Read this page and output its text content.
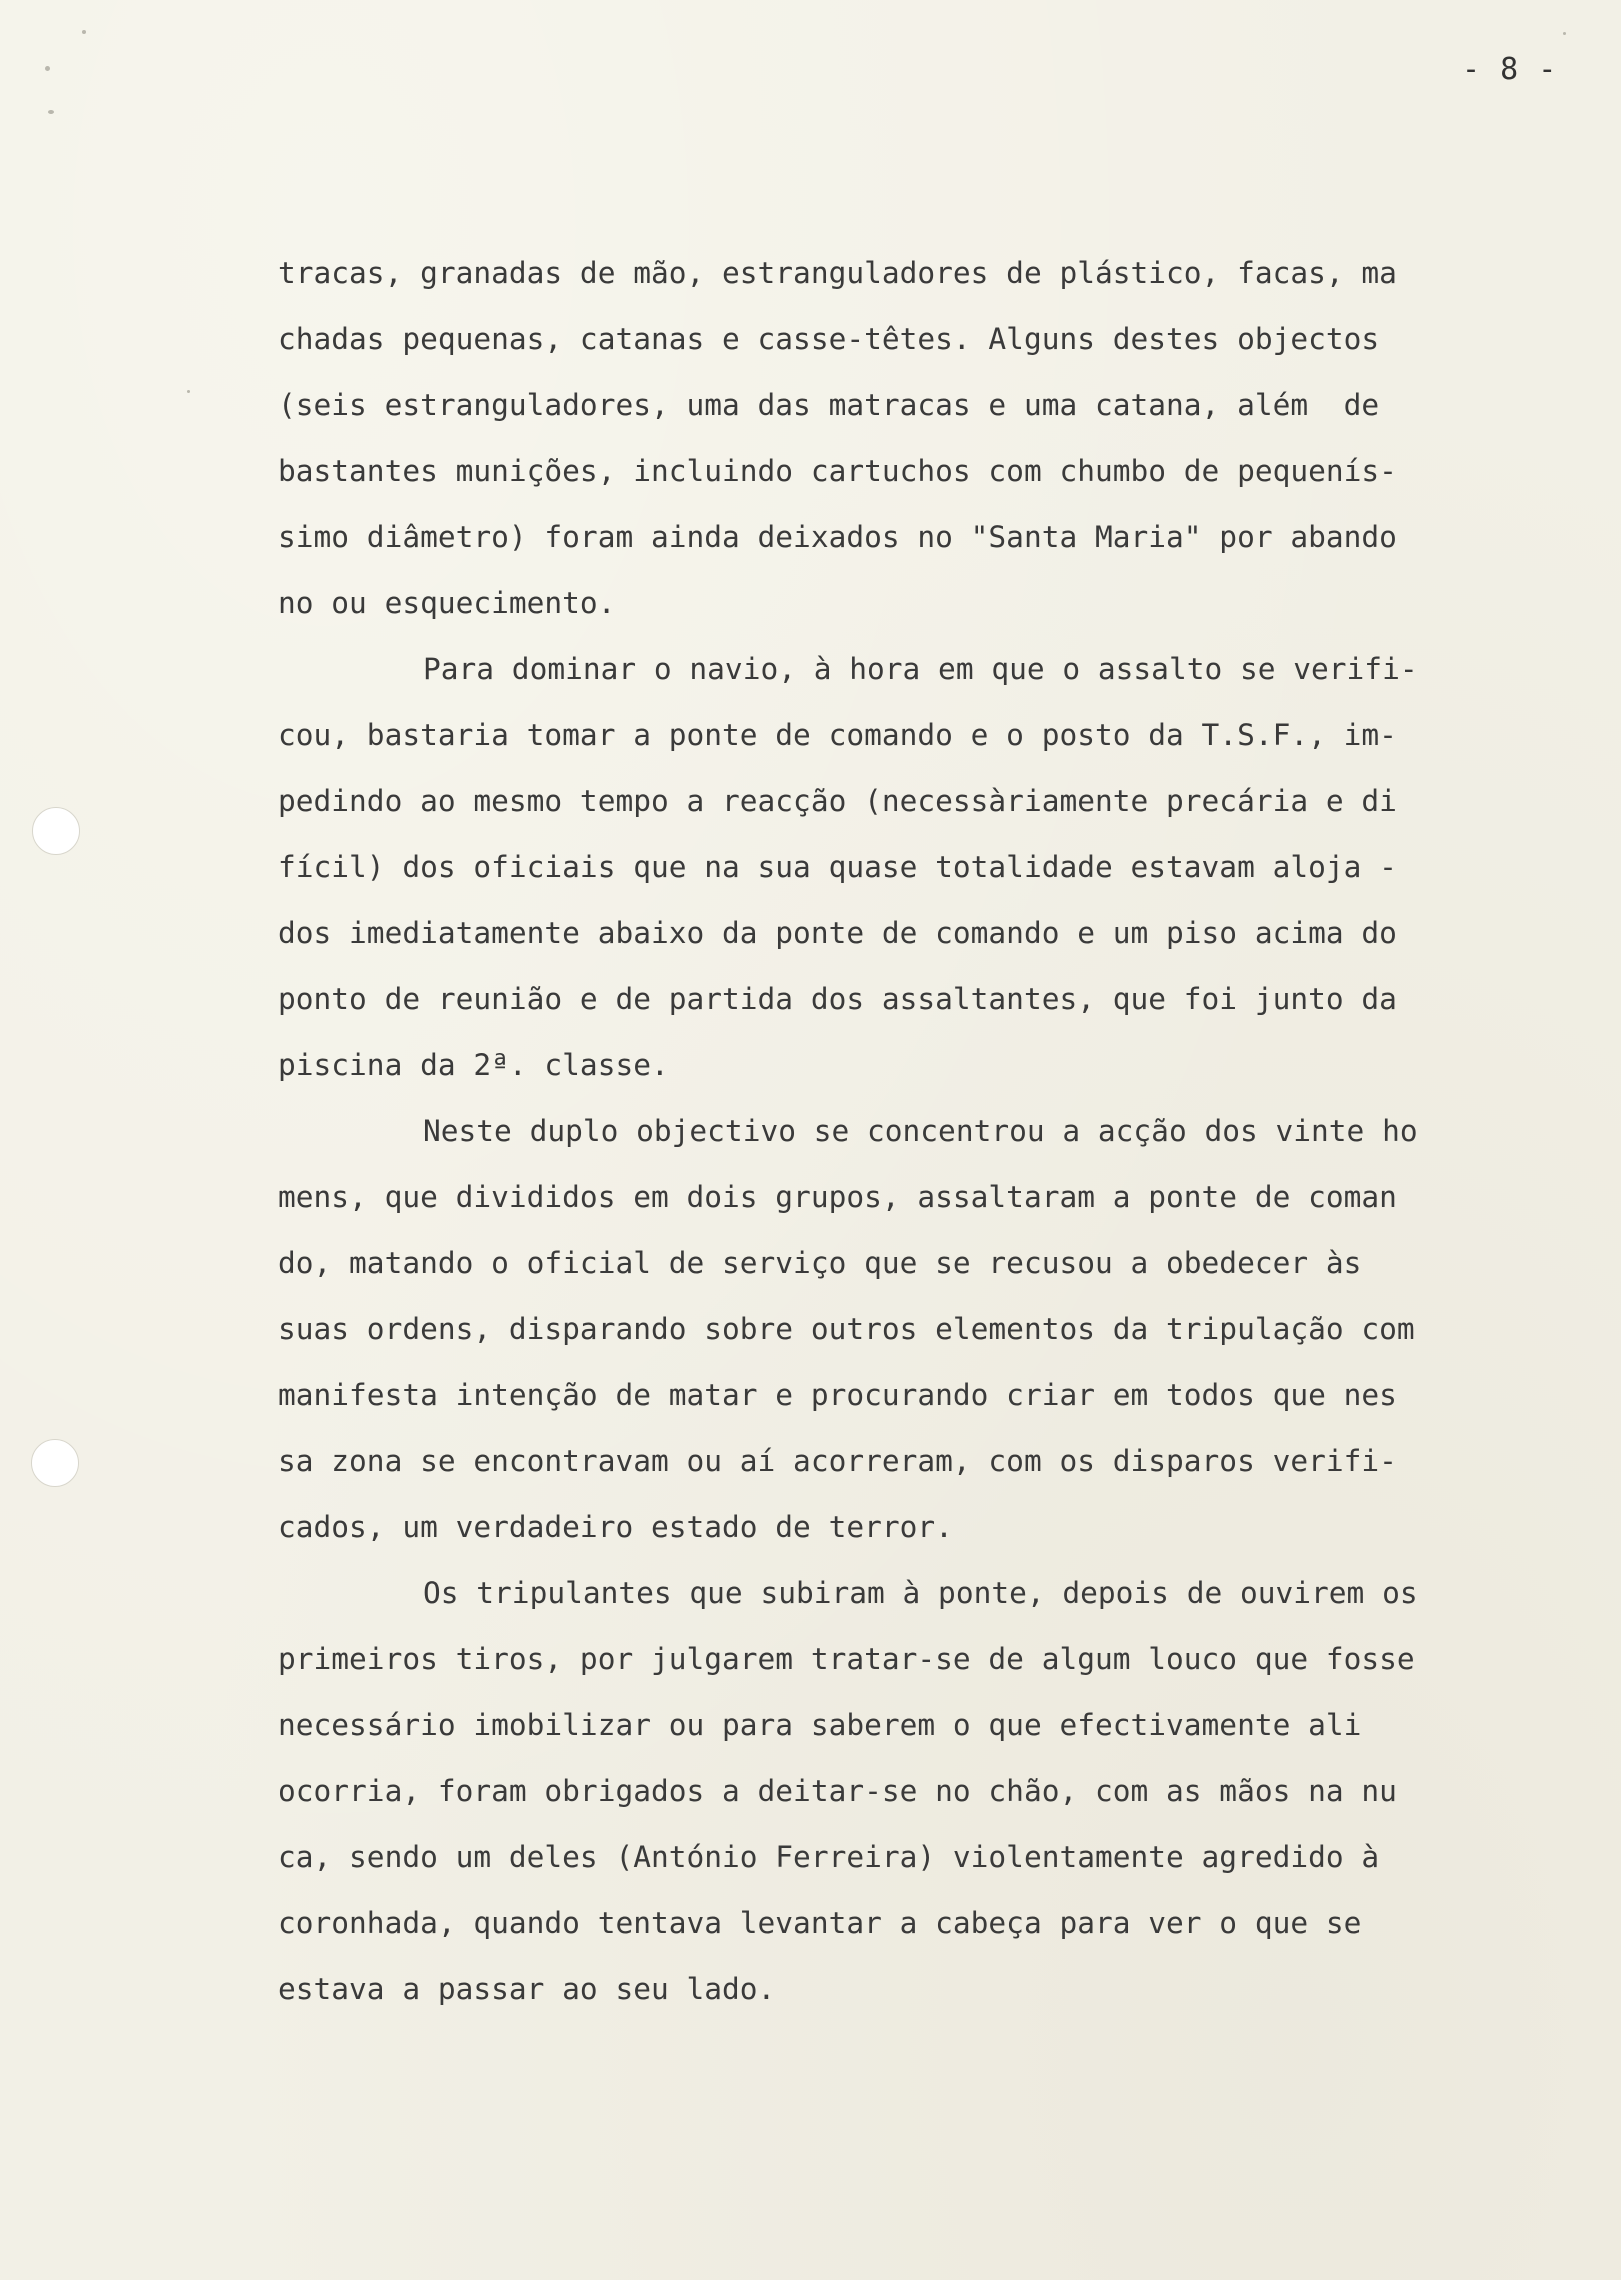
- 8 -
tracas, granadas de mão, estranguladores de plástico, facas, ma
chadas pequenas, catanas e casse-têtes. Alguns destes objectos
(seis estranguladores, uma das matracas e uma catana, além  de
bastantes munições, incluindo cartuchos com chumbo de pequenís-
simo diâmetro) foram ainda deixados no "Santa Maria" por abando
no ou esquecimento.
Para dominar o navio, à hora em que o assalto se verifi-
cou, bastaria tomar a ponte de comando e o posto da T.S.F., im-
pedindo ao mesmo tempo a reacção (necessàriamente precária e di
fícil) dos oficiais que na sua quase totalidade estavam aloja -
dos imediatamente abaixo da ponte de comando e um piso acima do
ponto de reunião e de partida dos assaltantes, que foi junto da
piscina da 2ª. classe.
Neste duplo objectivo se concentrou a acção dos vinte ho
mens, que divididos em dois grupos, assaltaram a ponte de coman
do, matando o oficial de serviço que se recusou a obedecer às
suas ordens, disparando sobre outros elementos da tripulação com
manifesta intenção de matar e procurando criar em todos que nes
sa zona se encontravam ou aí acorreram, com os disparos verifi-
cados, um verdadeiro estado de terror.
Os tripulantes que subiram à ponte, depois de ouvirem os
primeiros tiros, por julgarem tratar-se de algum louco que fosse
necessário imobilizar ou para saberem o que efectivamente ali
ocorria, foram obrigados a deitar-se no chão, com as mãos na nu
ca, sendo um deles (António Ferreira) violentamente agredido à
coronhada, quando tentava levantar a cabeça para ver o que se
estava a passar ao seu lado.
